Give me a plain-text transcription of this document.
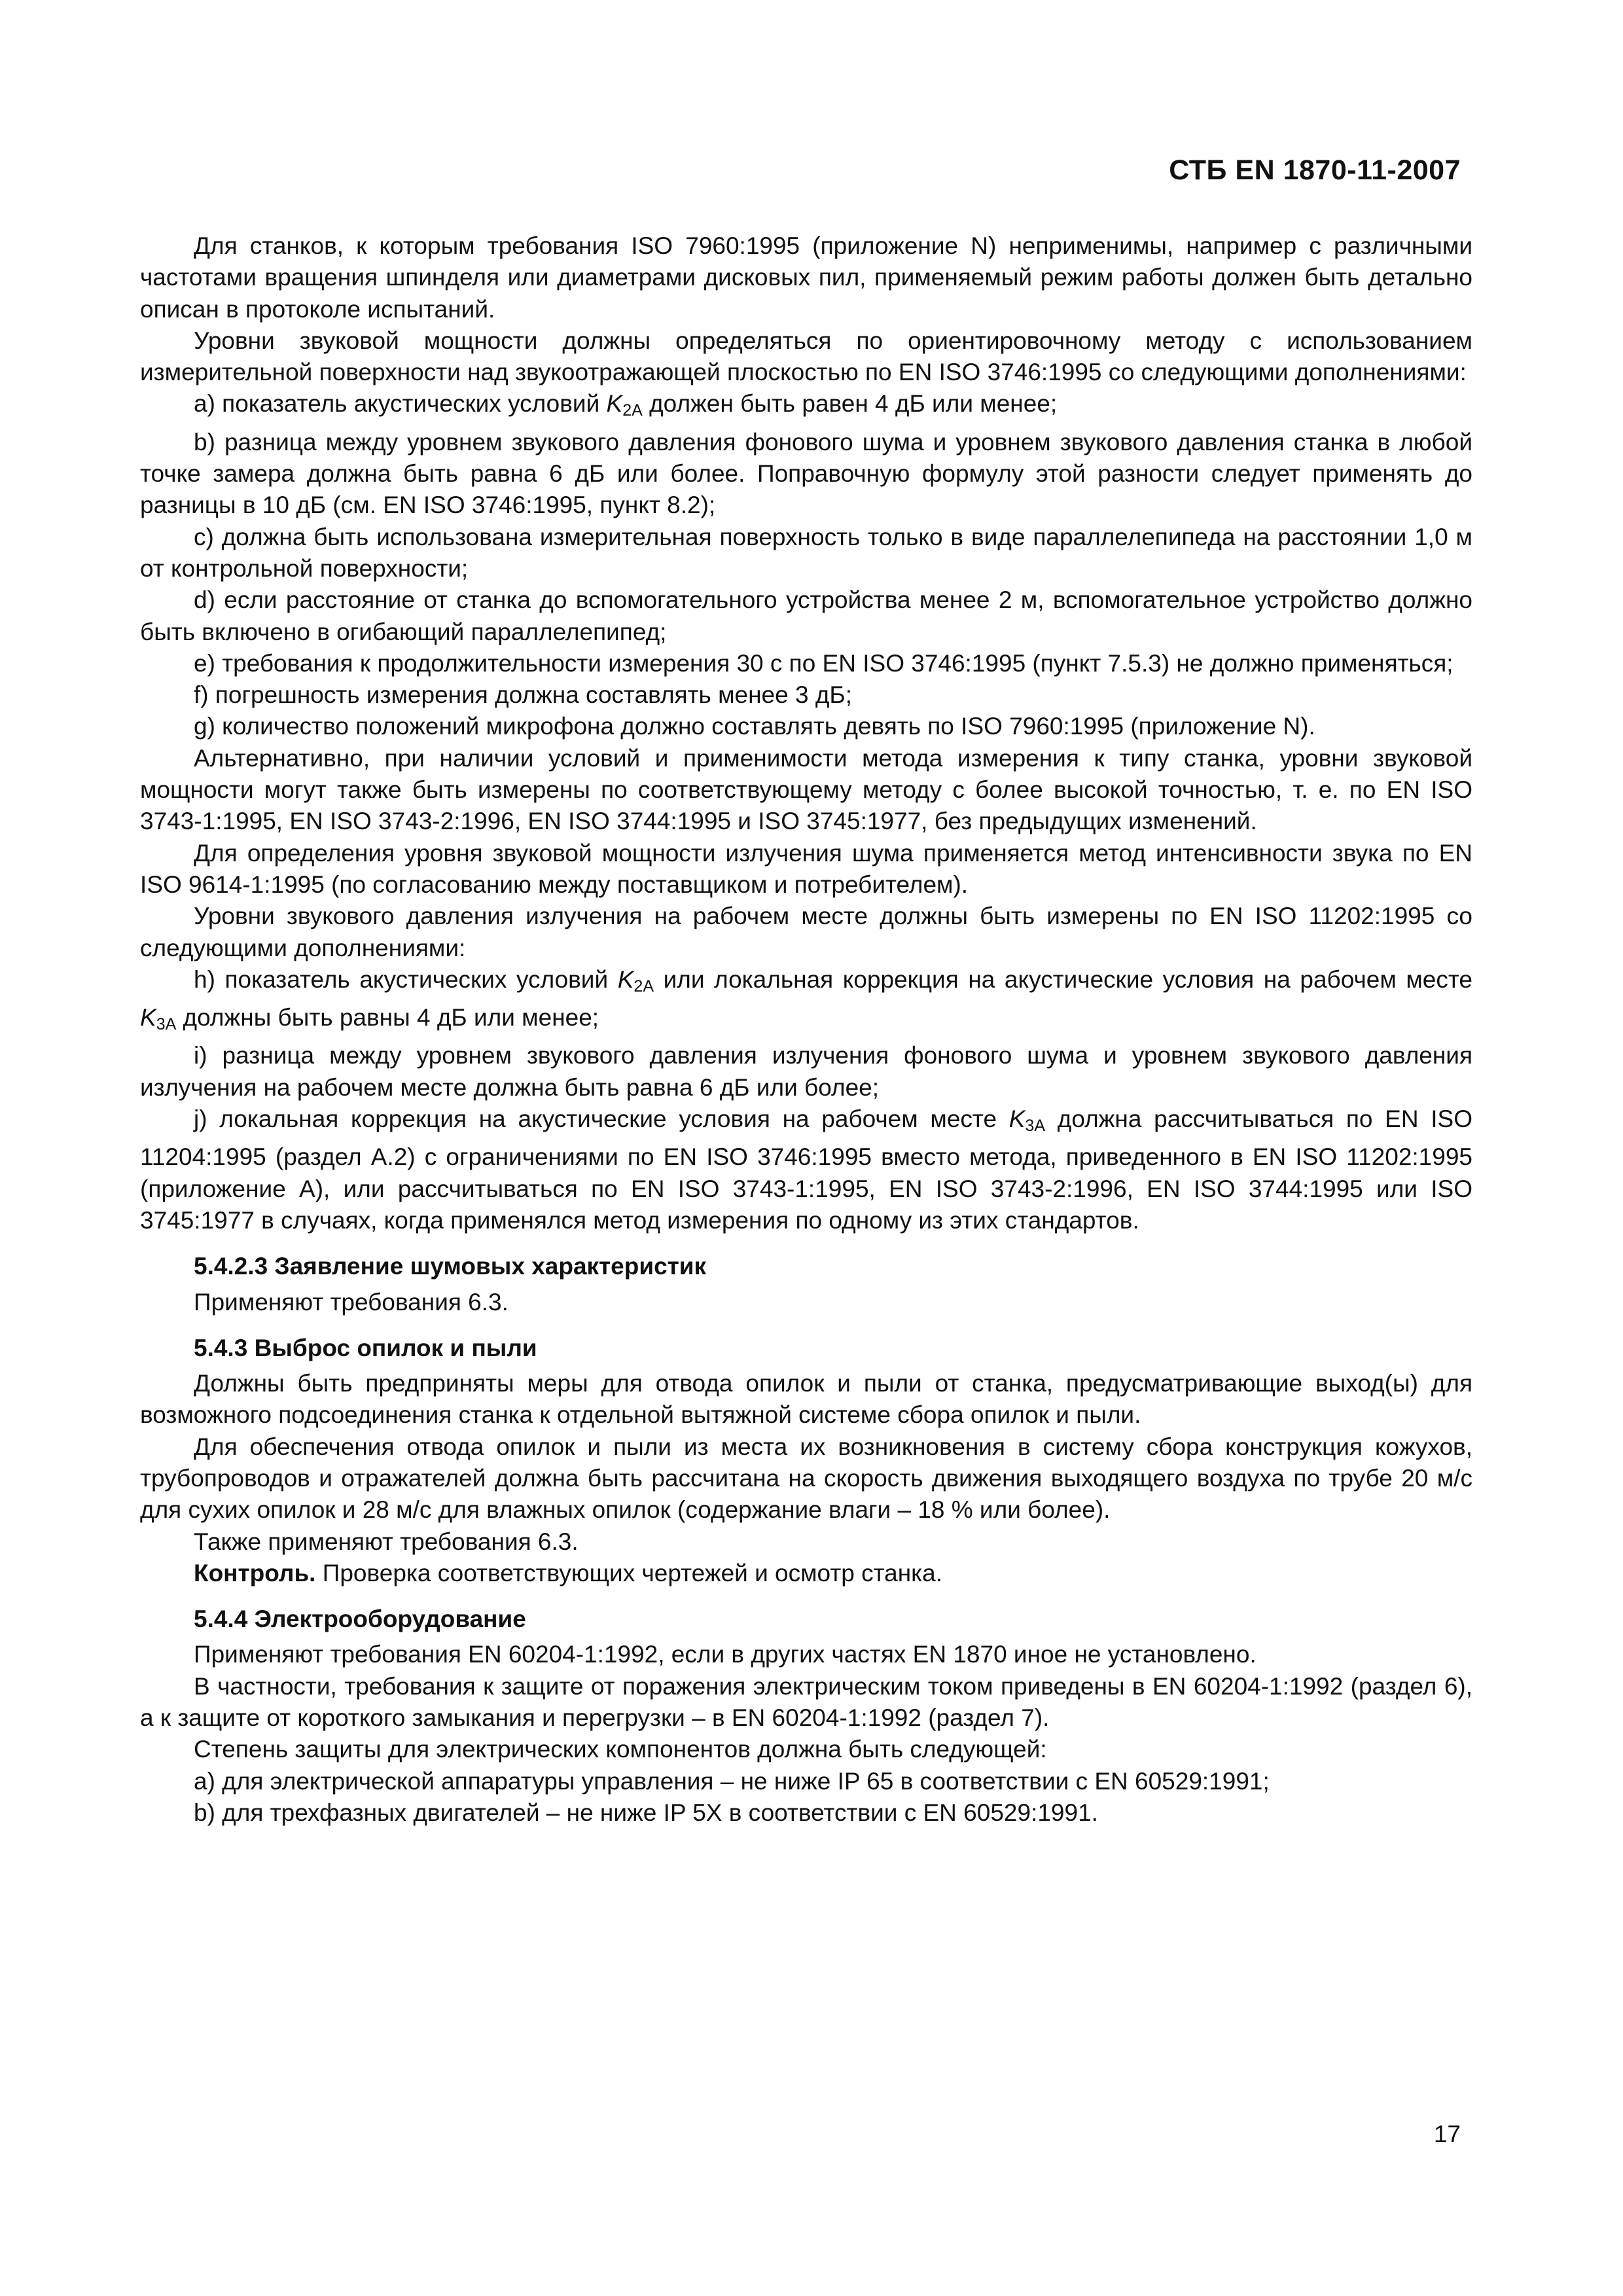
СТБ EN 1870-11-2007

Для станков, к которым требования ISO 7960:1995 (приложение N) неприменимы, например с различными частотами вращения шпинделя или диаметрами дисковых пил, применяемый режим работы должен быть детально описан в протоколе испытаний.

Уровни звуковой мощности должны определяться по ориентировочному методу с использованием измерительной поверхности над звукоотражающей плоскостью по EN ISO 3746:1995 со следующими дополнениями:

a) показатель акустических условий $K_{2A}$ должен быть равен 4 дБ или менее;

b) разница между уровнем звукового давления фонового шума и уровнем звукового давления станка в любой точке замера должна быть равна 6 дБ или более. Поправочную формулу этой разности следует применять до разницы в 10 дБ (см. EN ISO 3746:1995, пункт 8.2);

c) должна быть использована измерительная поверхность только в виде параллелепипеда на расстоянии 1,0 м от контрольной поверхности;

d) если расстояние от станка до вспомогательного устройства менее 2 м, вспомогательное устройство должно быть включено в огибающий параллелепипед;

e) требования к продолжительности измерения 30 с по EN ISO 3746:1995 (пункт 7.5.3) не должно применяться;

f) погрешность измерения должна составлять менее 3 дБ;

g) количество положений микрофона должно составлять девять по ISO 7960:1995 (приложение N).

Альтернативно, при наличии условий и применимости метода измерения к типу станка, уровни звуковой мощности могут также быть измерены по соответствующему методу с более высокой точностью, т. е. по EN ISO 3743-1:1995, EN ISO 3743-2:1996, EN ISO 3744:1995 и ISO 3745:1977, без предыдущих изменений.

Для определения уровня звуковой мощности излучения шума применяется метод интенсивности звука по EN ISO 9614-1:1995 (по согласованию между поставщиком и потребителем).

Уровни звукового давления излучения на рабочем месте должны быть измерены по EN ISO 11202:1995 со следующими дополнениями:

h) показатель акустических условий $K_{2A}$ или локальная коррекция на акустические условия на рабочем месте $K_{3A}$ должны быть равны 4 дБ или менее;

i) разница между уровнем звукового давления излучения фонового шума и уровнем звукового давления излучения на рабочем месте должна быть равна 6 дБ или более;

j) локальная коррекция на акустические условия на рабочем месте $K_{3A}$ должна рассчитываться по EN ISO 11204:1995 (раздел А.2) с ограничениями по EN ISO 3746:1995 вместо метода, приведенного в EN ISO 11202:1995 (приложение А), или рассчитываться по EN ISO 3743-1:1995, EN ISO 3743-2:1996, EN ISO 3744:1995 или ISO 3745:1977 в случаях, когда применялся метод измерения по одному из этих стандартов.

5.4.2.3 Заявление шумовых характеристик

Применяют требования 6.3.

5.4.3 Выброс опилок и пыли

Должны быть предприняты меры для отвода опилок и пыли от станка, предусматривающие выход(ы) для возможного подсоединения станка к отдельной вытяжной системе сбора опилок и пыли.

Для обеспечения отвода опилок и пыли из места их возникновения в систему сбора конструкция кожухов, трубопроводов и отражателей должна быть рассчитана на скорость движения выходящего воздуха по трубе 20 м/с для сухих опилок и 28 м/с для влажных опилок (содержание влаги – 18 % или более).

Также применяют требования 6.3.

Контроль. Проверка соответствующих чертежей и осмотр станка.

5.4.4 Электрооборудование

Применяют требования EN 60204-1:1992, если в других частях EN 1870 иное не установлено.

В частности, требования к защите от поражения электрическим током приведены в EN 60204-1:1992 (раздел 6), а к защите от короткого замыкания и перегрузки – в EN 60204-1:1992 (раздел 7).

Степень защиты для электрических компонентов должна быть следующей:

a) для электрической аппаратуры управления – не ниже IP 65 в соответствии с EN 60529:1991;

b) для трехфазных двигателей – не ниже IP 5X в соответствии с EN 60529:1991.

17
